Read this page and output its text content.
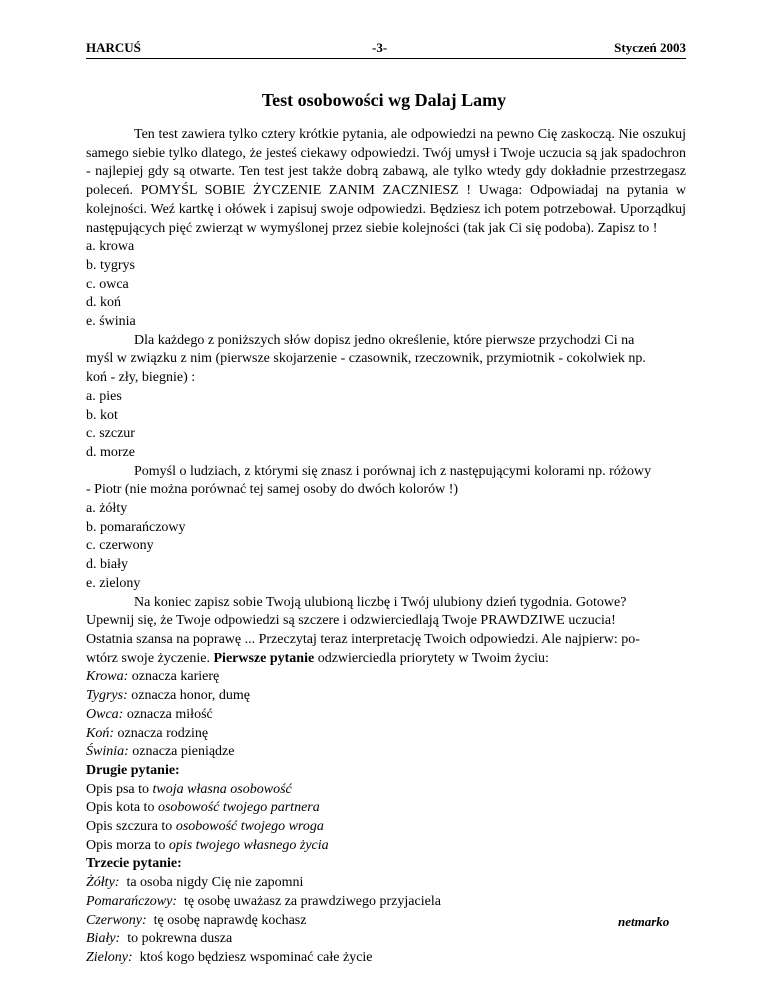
HARCUŚ	-3-	Styczeń 2003
Test osobowości wg Dalaj Lamy

Ten test zawiera tylko cztery krótkie pytania, ale odpowiedzi na pewno Cię zaskoczą. Nie oszukuj samego siebie tylko dlatego, że jesteś ciekawy odpowiedzi. Twój umysł i Twoje uczucia są jak spadochron - najlepiej gdy są otwarte. Ten test jest także dobrą zabawą, ale tylko wtedy gdy dokładnie przestrzegasz poleceń. POMYŚL SOBIE ŻYCZENIE ZANIM ZACZNIESZ ! Uwaga: Odpowiadaj na pytania w kolejności. Weź kartkę i ołówek i zapisuj swoje odpowiedzi. Będziesz ich potem potrzebował. Uporządkuj następujących pięć zwierząt w wymyślonej przez siebie kolejności (tak jak Ci się podoba). Zapisz to !

a. krowa

b. tygrys

c. owca

d. koń

e. świnia

Dla każdego z poniższych słów dopisz jedno określenie, które pierwsze przychodzi Ci na

myśl w związku z nim (pierwsze skojarzenie - czasownik, rzeczownik, przymiotnik - cokolwiek np.

koń - zły, biegnie) :

a. pies

b. kot

c. szczur

d. morze

Pomyśl o ludziach, z którymi się znasz i porównaj ich z następującymi kolorami np. różowy

- Piotr (nie można porównać tej samej osoby do dwóch kolorów !)

a. żółty

b. pomarańczowy

c. czerwony

d. biały

e. zielony

Na koniec zapisz sobie Twoją ulubioną liczbę i Twój ulubiony dzień tygodnia. Gotowe?

Upewnij się, że Twoje odpowiedzi są szczere i odzwierciedlają Twoje PRAWDZIWE uczucia!

Ostatnia szansa na poprawę ... Przeczytaj teraz interpretację Twoich odpowiedzi. Ale najpierw: po-

wtórz swoje życzenie. Pierwsze pytanie odzwierciedla priorytety w Twoim życiu:

Krowa: oznacza karierę

Tygrys: oznacza honor, dumę

Owca: oznacza miłość

Koń: oznacza rodzinę

Świnia: oznacza pieniądze

Drugie pytanie:

Opis psa to twoja własna osobowość

Opis kota to osobowość twojego partnera

Opis szczura to osobowość twojego wroga

Opis morza to opis twojego własnego życia

Trzecie pytanie:

Żółty:  ta osoba nigdy Cię nie zapomni

Pomarańczowy:  tę osobę uważasz za prawdziwego przyjaciela

Czerwony:  tę osobę naprawdę kochasz

Biały:  to pokrewna dusza

Zielony:  ktoś kogo będziesz wspominać całe życie

netmarko
